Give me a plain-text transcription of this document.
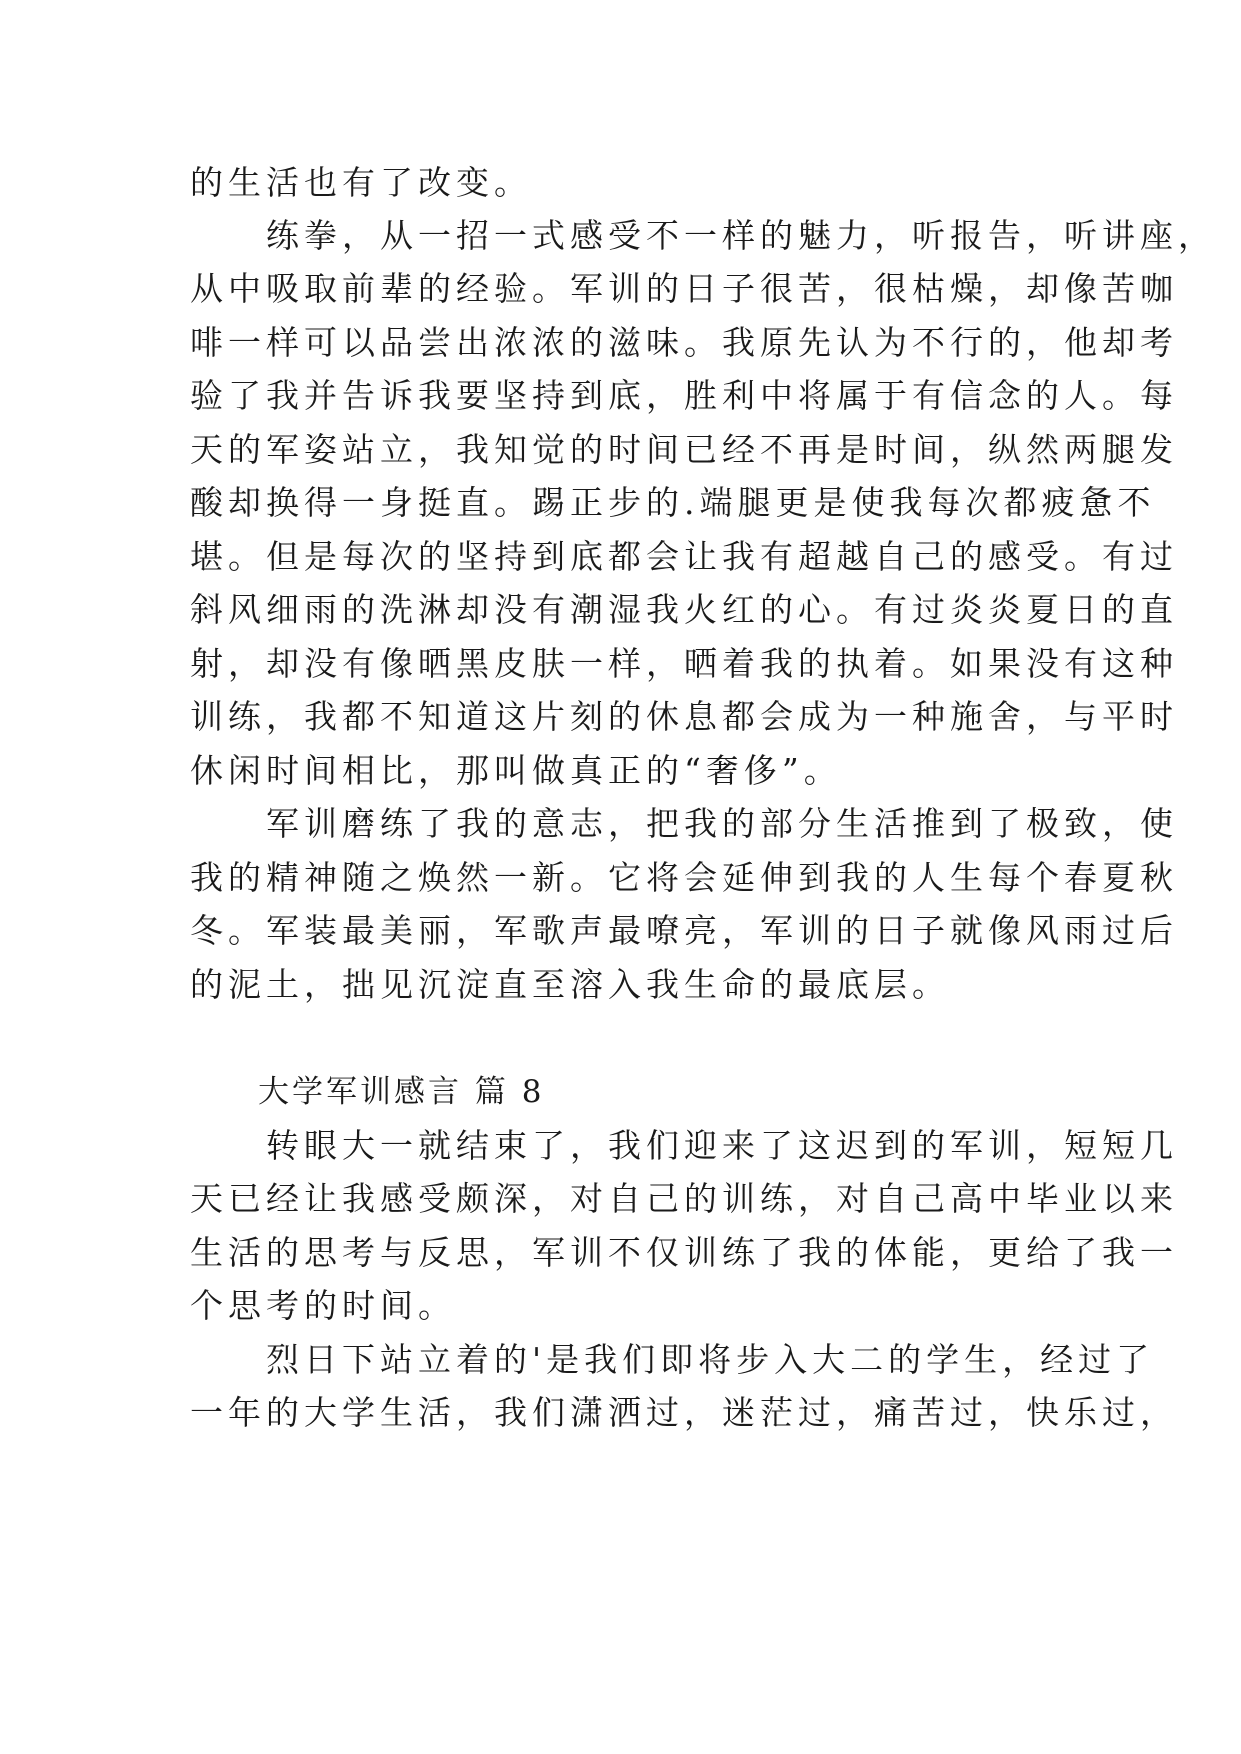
的生活也有了改变。
　　练拳，从一招一式感受不一样的魅力，听报告，听讲座，
从中吸取前辈的经验。军训的日子很苦，很枯燥，却像苦咖
啡一样可以品尝出浓浓的滋味。我原先认为不行的，他却考
验了我并告诉我要坚持到底，胜利中将属于有信念的人。每
天的军姿站立，我知觉的时间已经不再是时间，纵然两腿发
酸却换得一身挺直。踢正步的.端腿更是使我每次都疲惫不
堪。但是每次的坚持到底都会让我有超越自己的感受。有过
斜风细雨的洗淋却没有潮湿我火红的心。有过炎炎夏日的直
射，却没有像晒黑皮肤一样，晒着我的执着。如果没有这种
训练，我都不知道这片刻的休息都会成为一种施舍，与平时
休闲时间相比，那叫做真正的“奢侈”。
　　军训磨练了我的意志，把我的部分生活推到了极致，使
我的精神随之焕然一新。它将会延伸到我的人生每个春夏秋
冬。军装最美丽，军歌声最嘹亮，军训的日子就像风雨过后
的泥土，拙见沉淀直至溶入我生命的最底层。
大学军训感言 篇 8
　　转眼大一就结束了，我们迎来了这迟到的军训，短短几
天已经让我感受颇深，对自己的训练，对自己高中毕业以来
生活的思考与反思，军训不仅训练了我的体能，更给了我一
个思考的时间。
　　烈日下站立着的'是我们即将步入大二的学生，经过了
一年的大学生活，我们潇洒过，迷茫过，痛苦过，快乐过，
